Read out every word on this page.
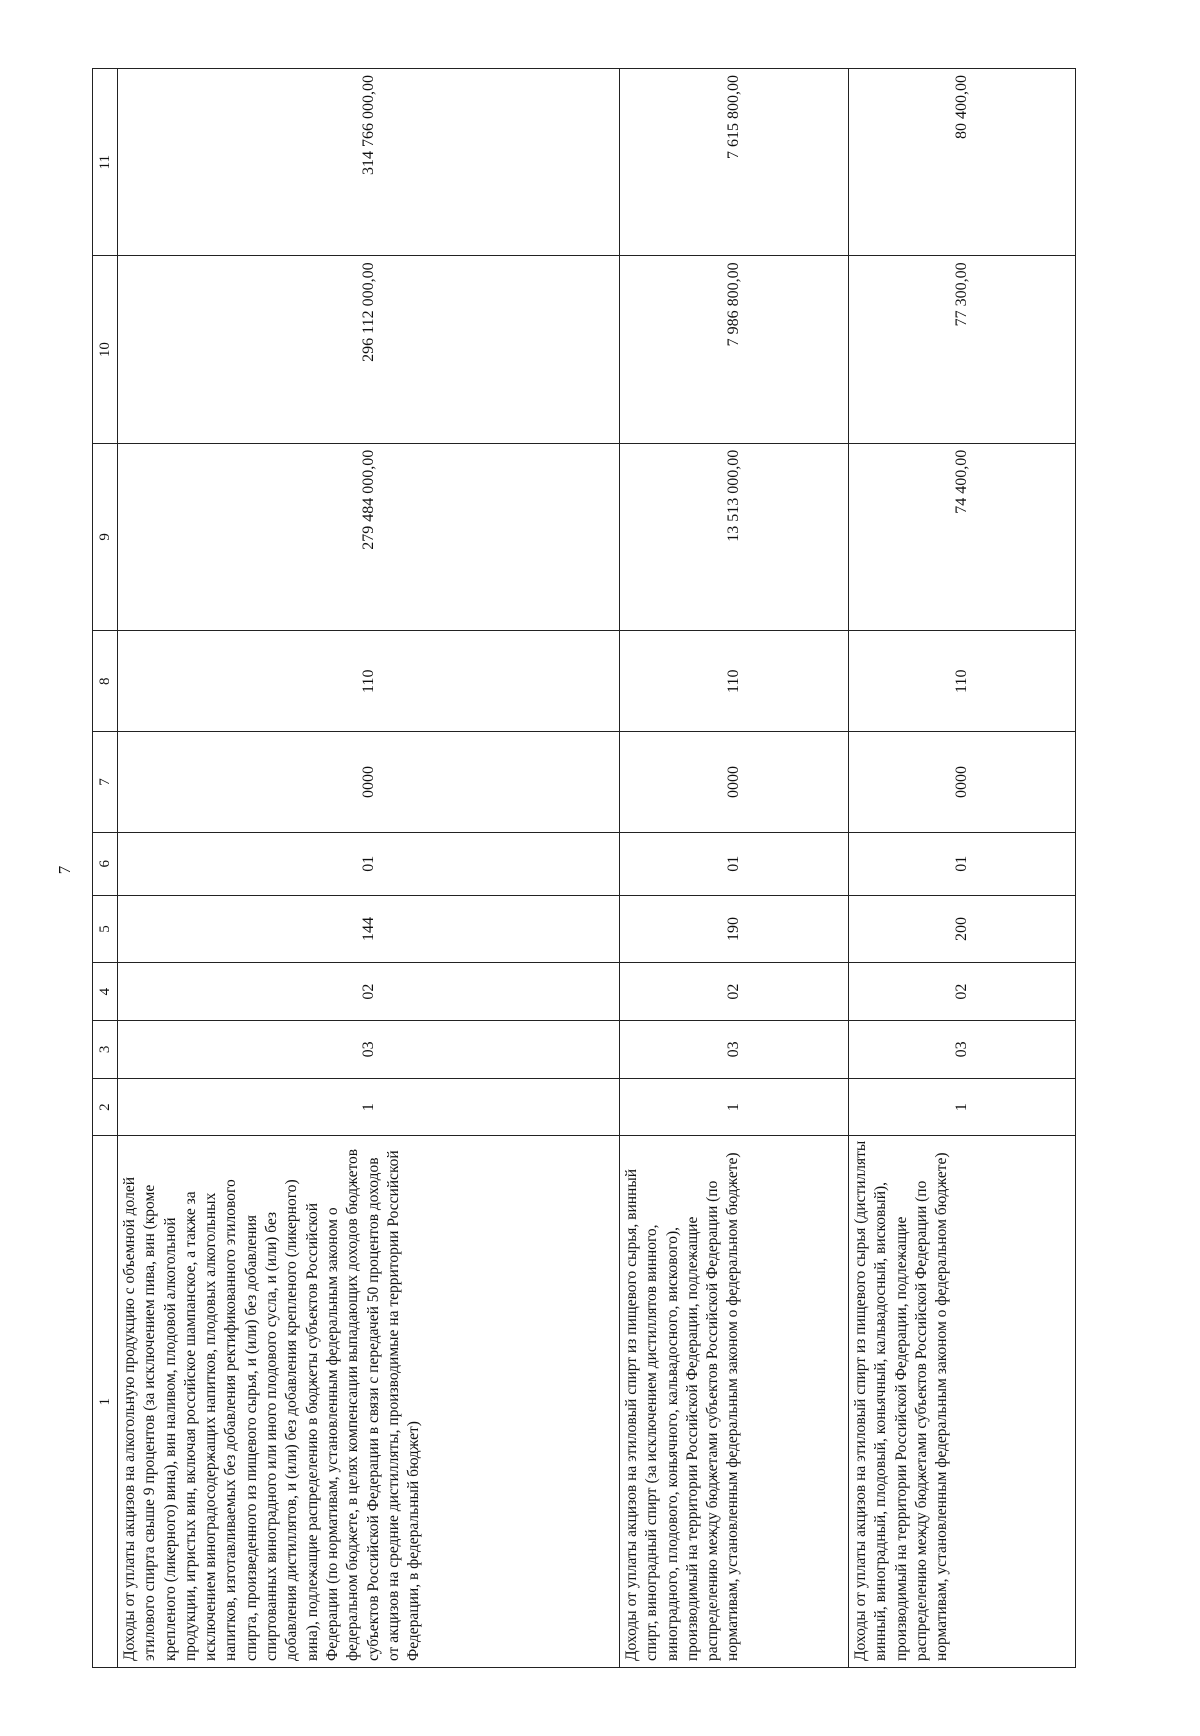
7
1	2	3	4	5	6	7	8	9	10	11
Доходы от уплаты акцизов на алкогольную продукцию с объемной долей этилового спирта свыше 9 процентов (за исключением пива, вин (кроме крепленого (ликерного) вина), вин наливом, плодовой алкогольной продукции, игристых вин, включая российское шампанское, а также за исключением виноградосодержащих напитков, плодовых алкогольных напитков, изготавливаемых без добавления ректификованного этилового спирта, произведенного из пищевого сырья, и (или) без добавления спиртованных виноградного или иного плодового сусла, и (или) без добавления дистиллятов, и (или) без добавления крепленого (ликерного) вина), подлежащие распределению в бюджеты субъектов Российской Федерации (по нормативам, установленным федеральным законом о федеральном бюджете, в целях компенсации выпадающих доходов бюджетов субъектов Российской Федерации в связи с передачей 50 процентов доходов от акцизов на средние дистилляты, производимые на территории Российской Федерации, в федеральный бюджет)	1	03	02	144	01	0000	110	279 484 000,00	296 112 000,00	314 766 000,00
Доходы от уплаты акцизов на этиловый спирт из пищевого сырья, винный спирт, виноградный спирт (за исключением дистиллятов винного, виноградного, плодового, коньячного, кальвадосного, вискового), производимый на территории Российской Федерации, подлежащие распределению между бюджетами субъектов Российской Федерации (по нормативам, установленным федеральным законом о федеральном бюджете)	1	03	02	190	01	0000	110	13 513 000,00	7 986 800,00	7 615 800,00
Доходы от уплаты акцизов на этиловый спирт из пищевого сырья (дистилляты винный, виноградный, плодовый, коньячный, кальвадосный, висковый), производимый на территории Российской Федерации, подлежащие распределению между бюджетами субъектов Российской Федерации (по нормативам, установленным федеральным законом о федеральном бюджете)	1	03	02	200	01	0000	110	74 400,00	77 300,00	80 400,00
